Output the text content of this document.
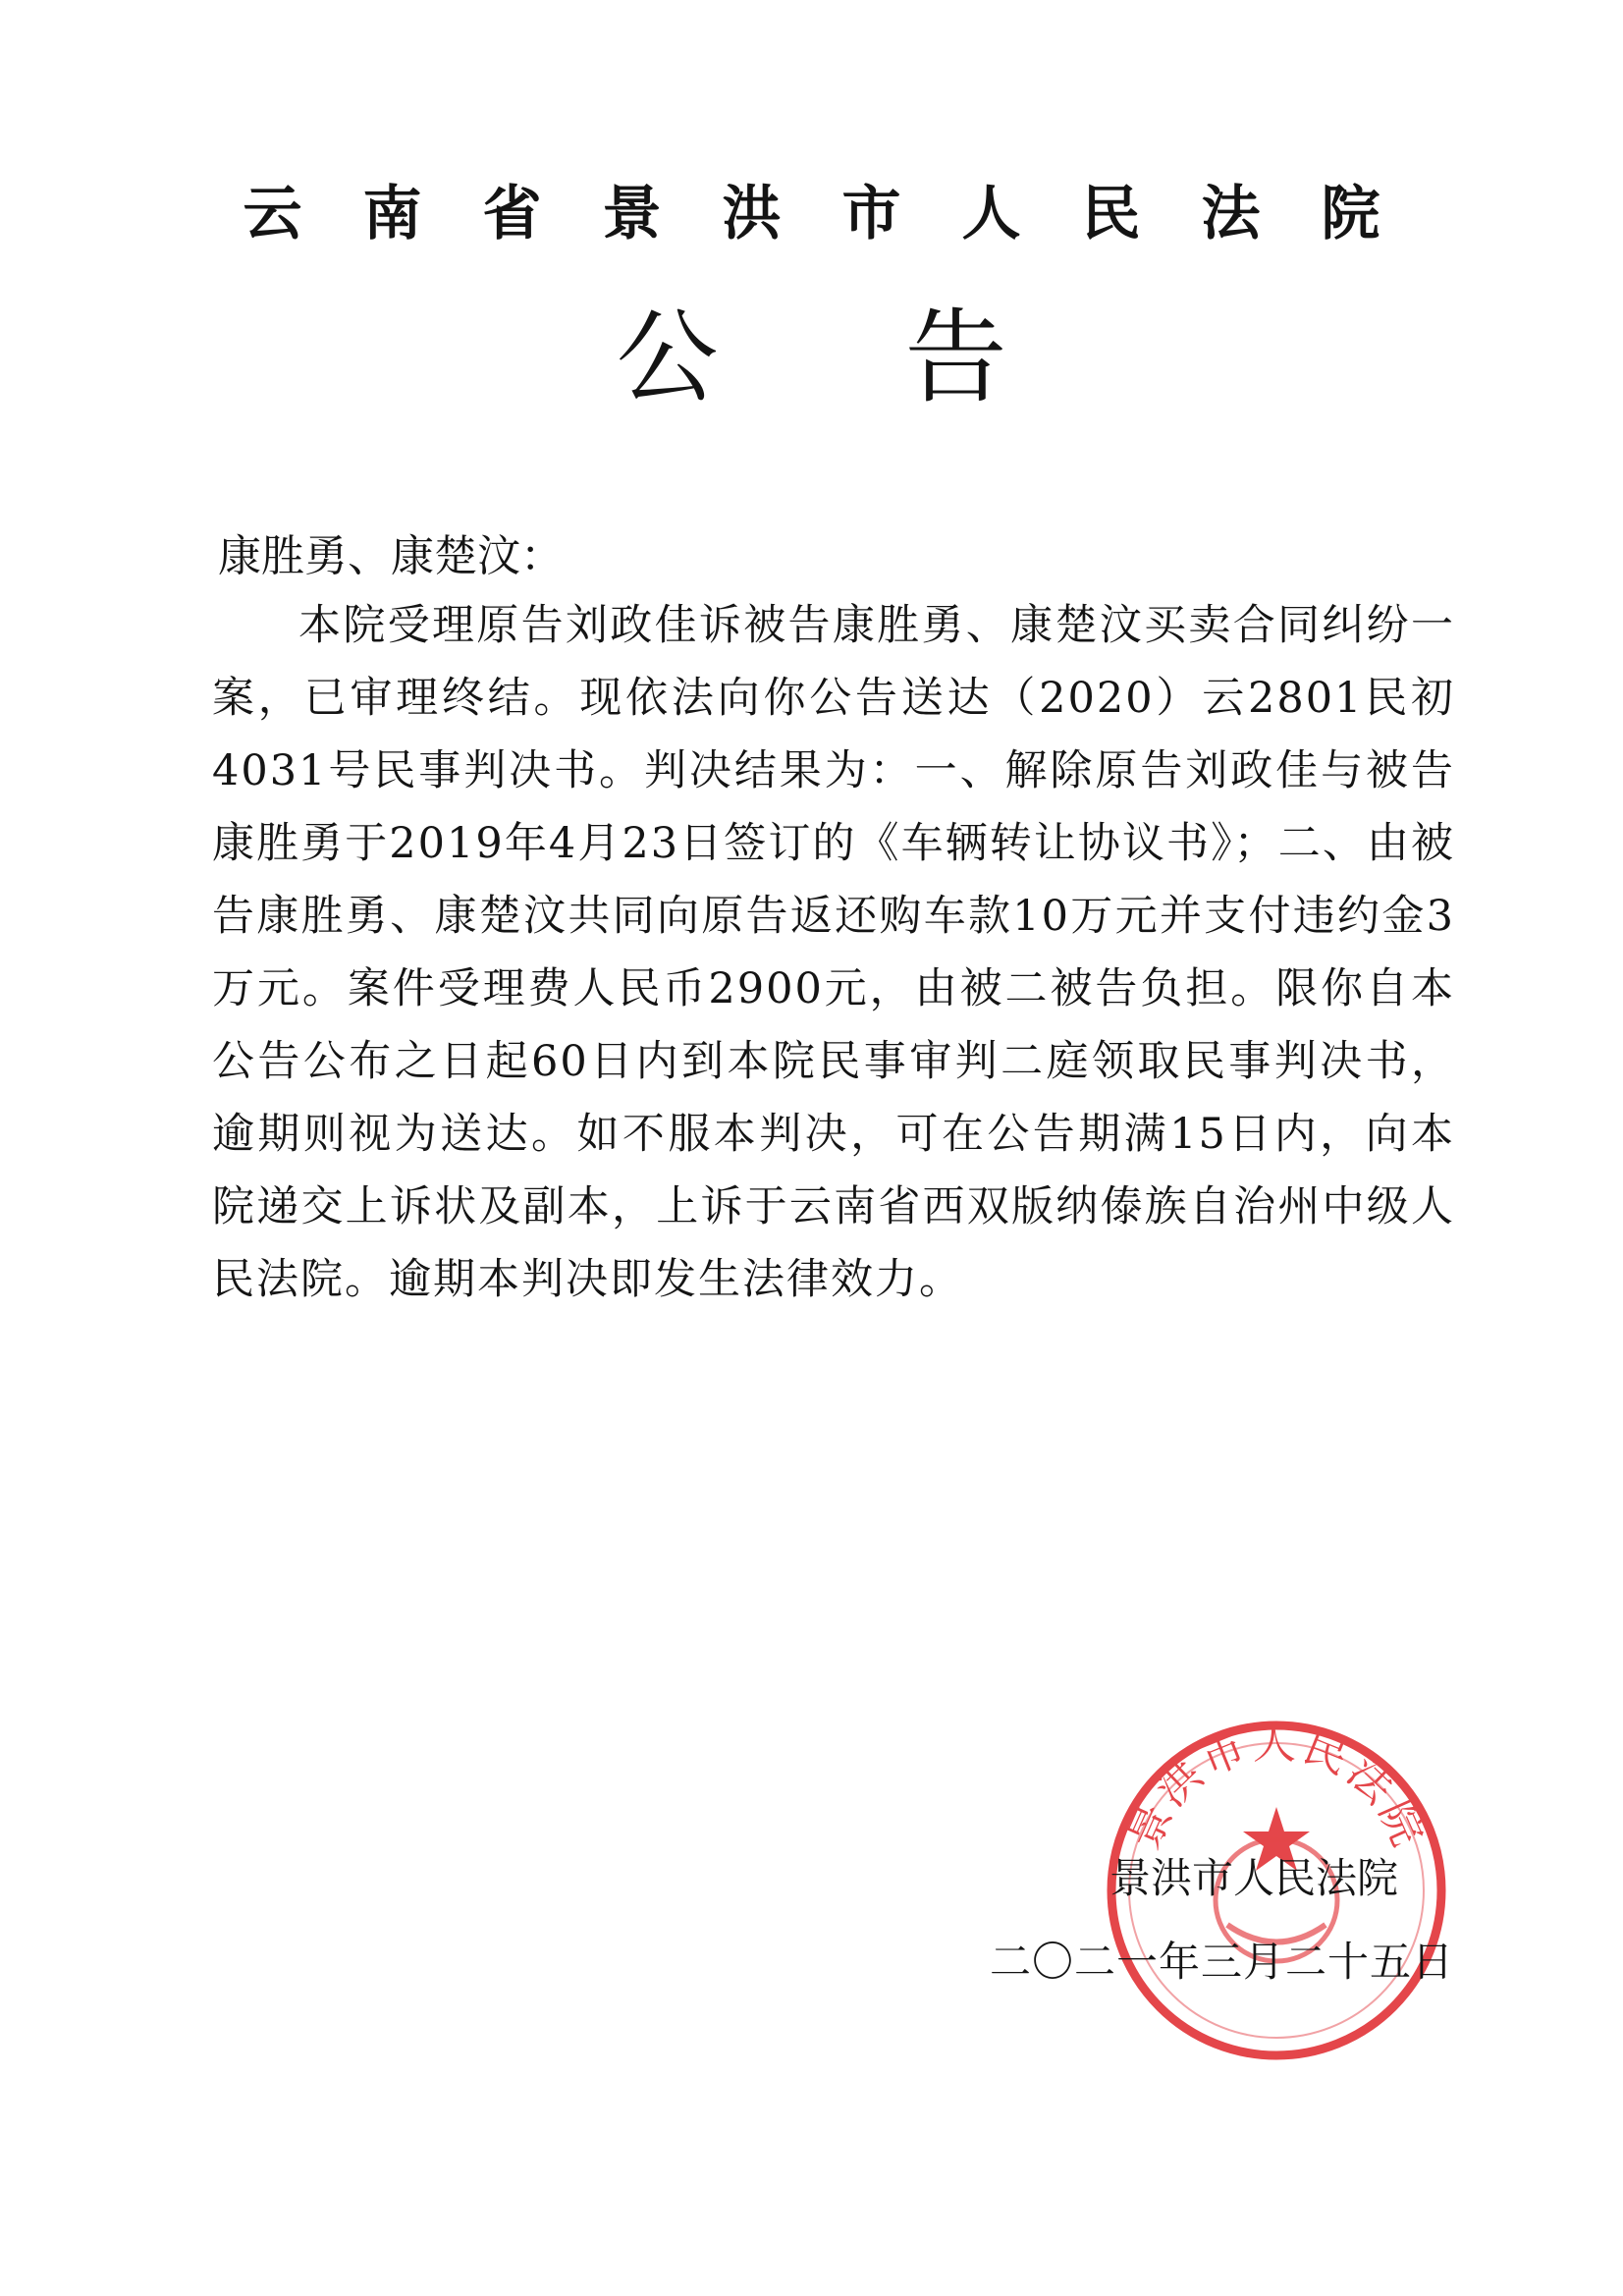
云南省景洪市人民法院
公告
康胜勇、康楚汶：
本院受理原告刘政佳诉被告康胜勇、康楚汶买卖合同纠纷一案，已审理终结。现依法向你公告送达（2020）云2801民初4031号民事判决书。判决结果为：一、解除原告刘政佳与被告康胜勇于2019年4月23日签订的《车辆转让协议书》；二、由被告康胜勇、康楚汶共同向原告返还购车款10万元并支付违约金3万元。案件受理费人民币2900元，由被二被告负担。限你自本公告公布之日起60日内到本院民事审判二庭领取民事判决书，逾期则视为送达。如不服本判决，可在公告期满15日内，向本院递交上诉状及副本，上诉于云南省西双版纳傣族自治州中级人民法院。逾期本判决即发生法律效力。
景洪市人民法院
景洪市人民法院
二〇二一年三月二十五日
